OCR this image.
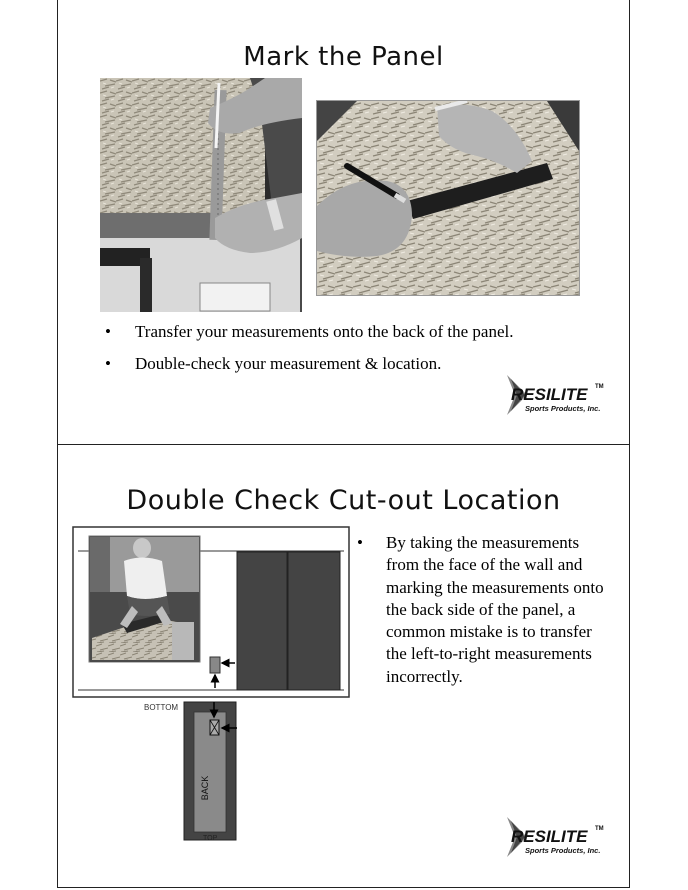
Mark the Panel
• Transfer your measurements onto the back of the panel.
• Double-check your measurement & location.
RESILITE TM
Sports Products, Inc.
Double Check Cut-out Location
BOTTOM
BACK
TOP
• By taking the measurements from the face of the wall and marking the measurements onto the back side of the panel, a common mistake is to transfer the left-to-right measurements incorrectly.
RESILITE TM
Sports Products, Inc.
